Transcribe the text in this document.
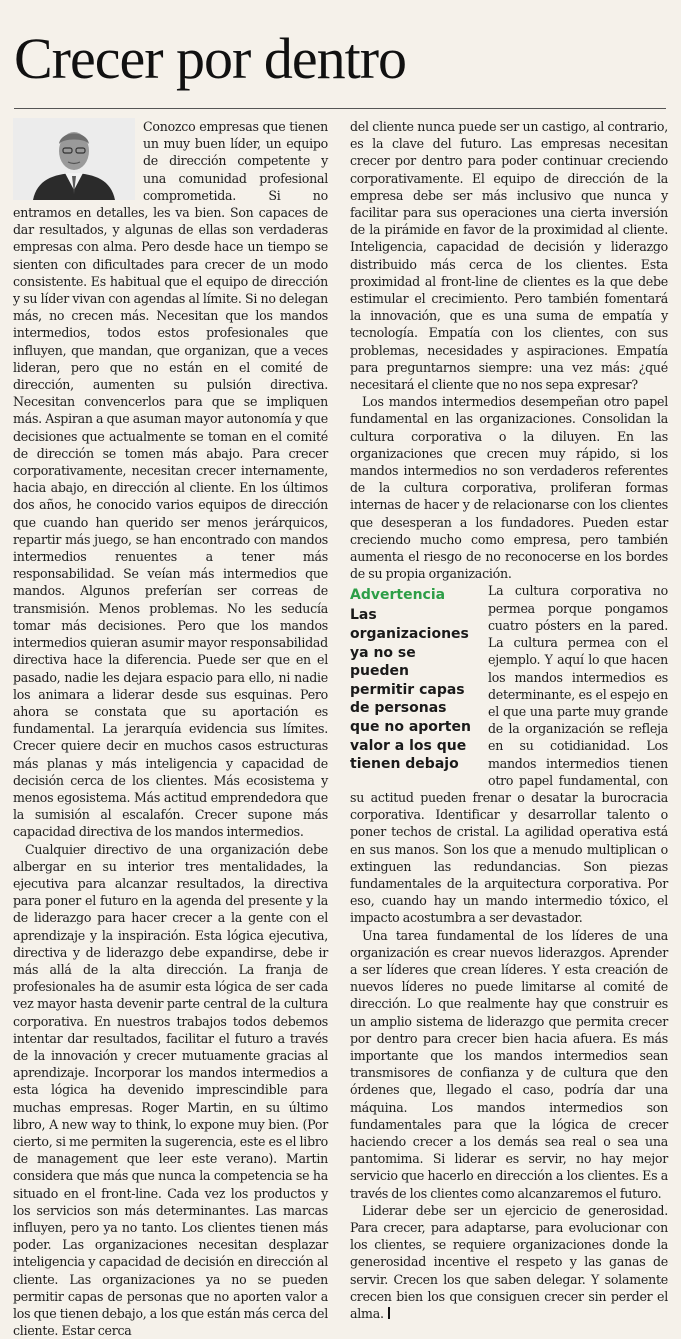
Crecer por dentro

Conozco empresas que tienen un muy buen líder, un equipo de dirección competente y una comunidad profesional comprometida. Si no entramos en detalles, les va bien. Son capaces de dar resultados, y algunas de ellas son verdaderas empresas con alma. Pero desde hace un tiempo se sienten con dificultades para crecer de un modo consistente. Es habitual que el equipo de dirección y su líder vivan con agendas al límite. Si no delegan más, no crecen más. Necesitan que los mandos intermedios, todos estos profesionales que influyen, que mandan, que organizan, que a veces lideran, pero que no están en el comité de dirección, aumenten su pulsión directiva. Necesitan convencerlos para que se impliquen más. Aspiran a que asuman mayor autonomía y que decisiones que actualmente se toman en el comité de dirección se tomen más abajo. Para crecer corporativamente, necesitan crecer internamente, hacia abajo, en dirección al cliente. En los últimos dos años, he conocido varios equipos de dirección que cuando han querido ser menos jerárquicos, repartir más juego, se han encontrado con mandos intermedios renuentes a tener más responsabilidad. Se veían más intermedios que mandos. Algunos preferían ser correas de transmisión. Menos problemas. No les seducía tomar más decisiones. Pero que los mandos intermedios quieran asumir mayor responsabilidad directiva hace la diferencia. Puede ser que en el pasado, nadie les dejara espacio para ello, ni nadie los animara a liderar desde sus esquinas. Pero ahora se constata que su aportación es fundamental. La jerarquía evidencia sus límites. Crecer quiere decir en muchos casos estructuras más planas y más inteligencia y capacidad de decisión cerca de los clientes. Más ecosistema y menos egosistema. Más actitud emprendedora que la sumisión al escalafón. Crecer supone más capacidad directiva de los mandos intermedios.

Cualquier directivo de una organización debe albergar en su interior tres mentalidades, la ejecutiva para alcanzar resultados, la directiva para poner el futuro en la agenda del presente y la de liderazgo para hacer crecer a la gente con el aprendizaje y la inspiración. Esta lógica ejecutiva, directiva y de liderazgo debe expandirse, debe ir más allá de la alta dirección. La franja de profesionales ha de asumir esta lógica de ser cada vez mayor hasta devenir parte central de la cultura corporativa. En nuestros trabajos todos debemos intentar dar resultados, facilitar el futuro a través de la innovación y crecer mutuamente gracias al aprendizaje. Incorporar los mandos intermedios a esta lógica ha devenido imprescindible para muchas empresas. Roger Martin, en su último libro, A new way to think, lo expone muy bien. (Por cierto, si me permiten la sugerencia, este es el libro de management que leer este verano). Martin considera que más que nunca la competencia se ha situado en el front-line. Cada vez los productos y los servicios son más determinantes. Las marcas influyen, pero ya no tanto. Los clientes tienen más poder. Las organizaciones necesitan desplazar inteligencia y capacidad de decisión en dirección al cliente. Las organizaciones ya no se pueden permitir capas de personas que no aporten valor a los que tienen debajo, a los que están más cerca del cliente. Estar cerca

del cliente nunca puede ser un castigo, al contrario, es la clave del futuro. Las empresas necesitan crecer por dentro para poder continuar creciendo corporativamente. El equipo de dirección de la empresa debe ser más inclusivo que nunca y facilitar para sus operaciones una cierta inversión de la pirámide en favor de la proximidad al cliente. Inteligencia, capacidad de decisión y liderazgo distribuido más cerca de los clientes. Esta proximidad al front-line de clientes es la que debe estimular el crecimiento. Pero también fomentará la innovación, que es una suma de empatía y tecnología. Empatía con los clientes, con sus problemas, necesidades y aspiraciones. Empatía para preguntarnos siempre: una vez más: ¿qué necesitará el cliente que no nos sepa expresar?

Los mandos intermedios desempeñan otro papel fundamental en las organizaciones. Consolidan la cultura corporativa o la diluyen. En las organizaciones que crecen muy rápido, si los mandos intermedios no son verdaderos referentes de la cultura corporativa, proliferan formas internas de hacer y de relacionarse con los clientes que desesperan a los fundadores. Pueden estar creciendo mucho como empresa, pero también aumenta el riesgo de no reconocerse en los bordes de su propia organización.

Advertencia
Las organizaciones ya no se pueden permitir capas de personas que no aporten valor a los que tienen debajo

La cultura corporativa no permea porque pongamos cuatro pósters en la pared. La cultura permea con el ejemplo. Y aquí lo que hacen los mandos intermedios es determinante, es el espejo en el que una parte muy grande de la organización se refleja en su cotidianidad. Los mandos intermedios tienen otro papel fundamental, con su actitud pueden frenar o desatar la burocracia corporativa. Identificar y desarrollar talento o poner techos de cristal. La agilidad operativa está en sus manos. Son los que a menudo multiplican o extinguen las redundancias. Son piezas fundamentales de la arquitectura corporativa. Por eso, cuando hay un mando intermedio tóxico, el impacto acostumbra a ser devastador.

Una tarea fundamental de los líderes de una organización es crear nuevos liderazgos. Aprender a ser líderes que crean líderes. Y esta creación de nuevos líderes no puede limitarse al comité de dirección. Lo que realmente hay que construir es un amplio sistema de liderazgo que permita crecer por dentro para crecer bien hacia afuera. Es más importante que los mandos intermedios sean transmisores de confianza y de cultura que den órdenes que, llegado el caso, podría dar una máquina. Los mandos intermedios son fundamentales para que la lógica de crecer haciendo crecer a los demás sea real o sea una pantomima. Si liderar es servir, no hay mejor servicio que hacerlo en dirección a los clientes. Es a través de los clientes como alcanzaremos el futuro.

Liderar debe ser un ejercicio de generosidad. Para crecer, para adaptarse, para evolucionar con los clientes, se requiere organizaciones donde la generosidad incentive el respeto y las ganas de servir. Crecen los que saben delegar. Y solamente crecen bien los que consiguen crecer sin perder el alma.
